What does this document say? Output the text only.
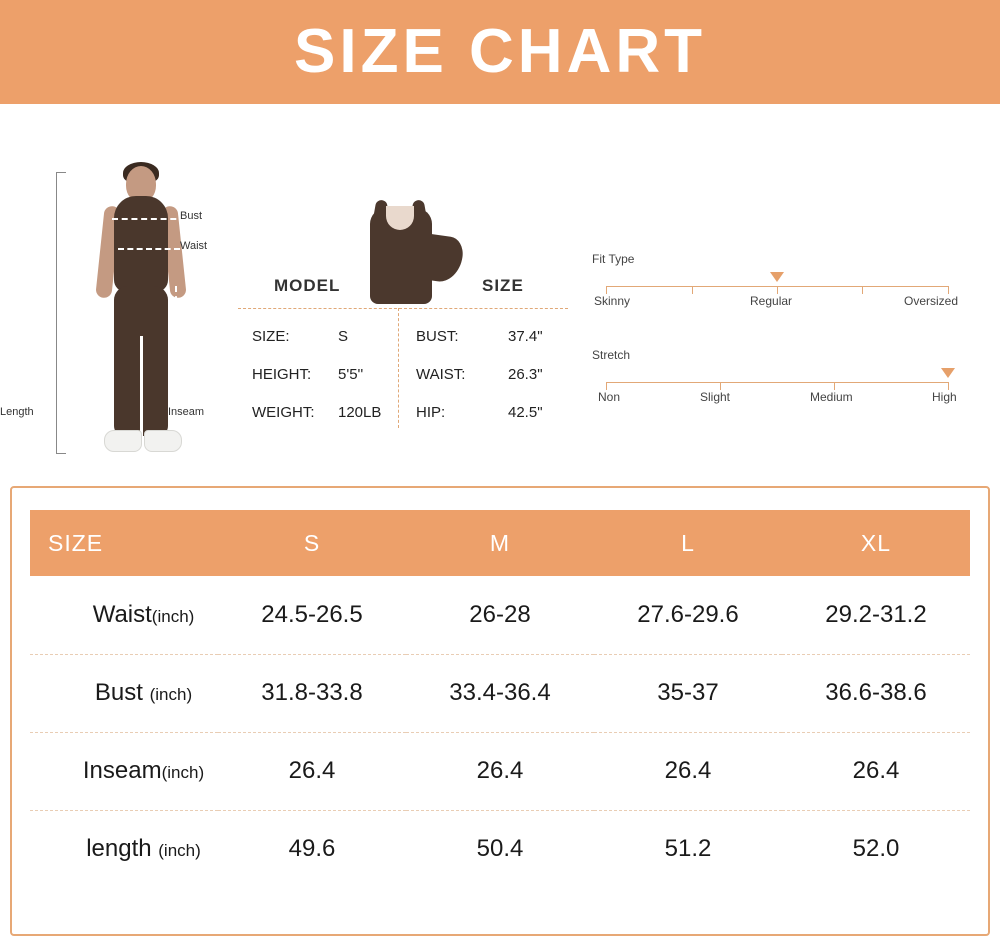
SIZE CHART
Bust
Waist
Length	Inseam
MODEL	SIZE
SIZE:	S
HEIGHT: 5'5''
WEIGHT: 120LB
BUST:	37.4"
WAIST:	26.3"
HIP:	42.5"
Fit Type
Skinny	Regular	Oversized
Stretch
Non	Slight	Medium	High
SIZE	S	M	L	XL
Waist(inch)	24.5-26.5	26-28	27.6-29.6	29.2-31.2
Bust (inch)	31.8-33.8	33.4-36.4	35-37	36.6-38.6
Inseam(inch)	26.4	26.4	26.4	26.4
length (inch)	49.6	50.4	51.2	52.0
